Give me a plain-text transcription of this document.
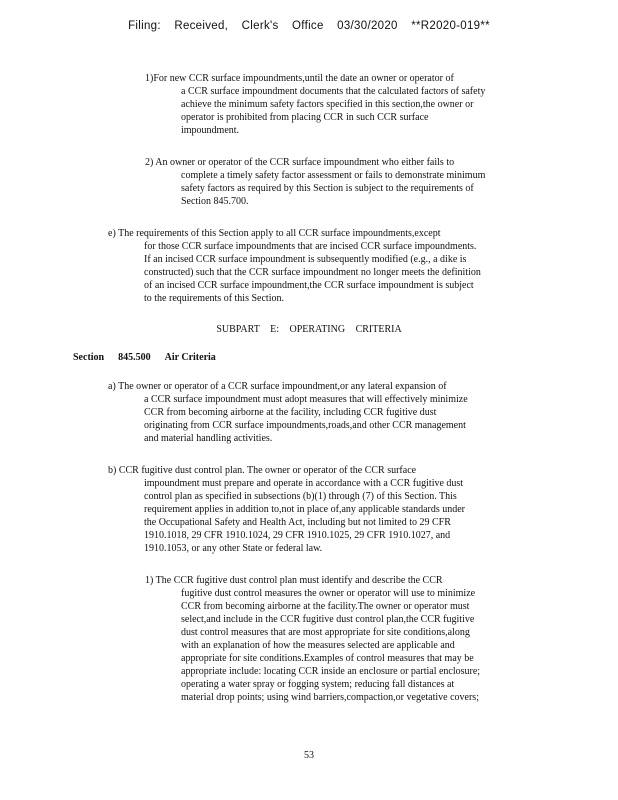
Filing: Received, Clerk's Office 03/30/2020 **R2020-019**
1)For new CCR surface impoundments,until the date an owner or operator of
a CCR surface impoundment documents that the calculated factors of safety
achieve the minimum safety factors specified in this section,the owner or
operator is prohibited from placing CCR in such CCR surface
impoundment.
2) An owner or operator of the CCR surface impoundment who either fails to
complete a timely safety factor assessment or fails to demonstrate minimum
safety factors as required by this Section is subject to the requirements of
Section 845.700.
e) The requirements of this Section apply to all CCR surface impoundments,except
for those CCR surface impoundments that are incised CCR surface impoundments.
If an incised CCR surface impoundment is subsequently modified (e.g., a dike is
constructed) such that the CCR surface impoundment no longer meets the definition
of an incised CCR surface impoundment,the CCR surface impoundment is subject
to the requirements of this Section.
SUBPART E: OPERATING CRITERIA
Section 845.500 Air Criteria
a) The owner or operator of a CCR surface impoundment,or any lateral expansion of
a CCR surface impoundment must adopt measures that will effectively minimize
CCR from becoming airborne at the facility, including CCR fugitive dust
originating from CCR surface impoundments,roads,and other CCR management
and material handling activities.
b) CCR fugitive dust control plan. The owner or operator of the CCR surface
impoundment must prepare and operate in accordance with a CCR fugitive dust
control plan as specified in subsections (b)(1) through (7) of this Section. This
requirement applies in addition to,not in place of,any applicable standards under
the Occupational Safety and Health Act, including but not limited to 29 CFR
1910.1018, 29 CFR 1910.1024, 29 CFR 1910.1025, 29 CFR 1910.1027, and
1910.1053, or any other State or federal law.
1) The CCR fugitive dust control plan must identify and describe the CCR
fugitive dust control measures the owner or operator will use to minimize
CCR from becoming airborne at the facility.The owner or operator must
select,and include in the CCR fugitive dust control plan,the CCR fugitive
dust control measures that are most appropriate for site conditions,along
with an explanation of how the measures selected are applicable and
appropriate for site conditions.Examples of control measures that may be
appropriate include: locating CCR inside an enclosure or partial enclosure;
operating a water spray or fogging system; reducing fall distances at
material drop points; using wind barriers,compaction,or vegetative covers;
53
